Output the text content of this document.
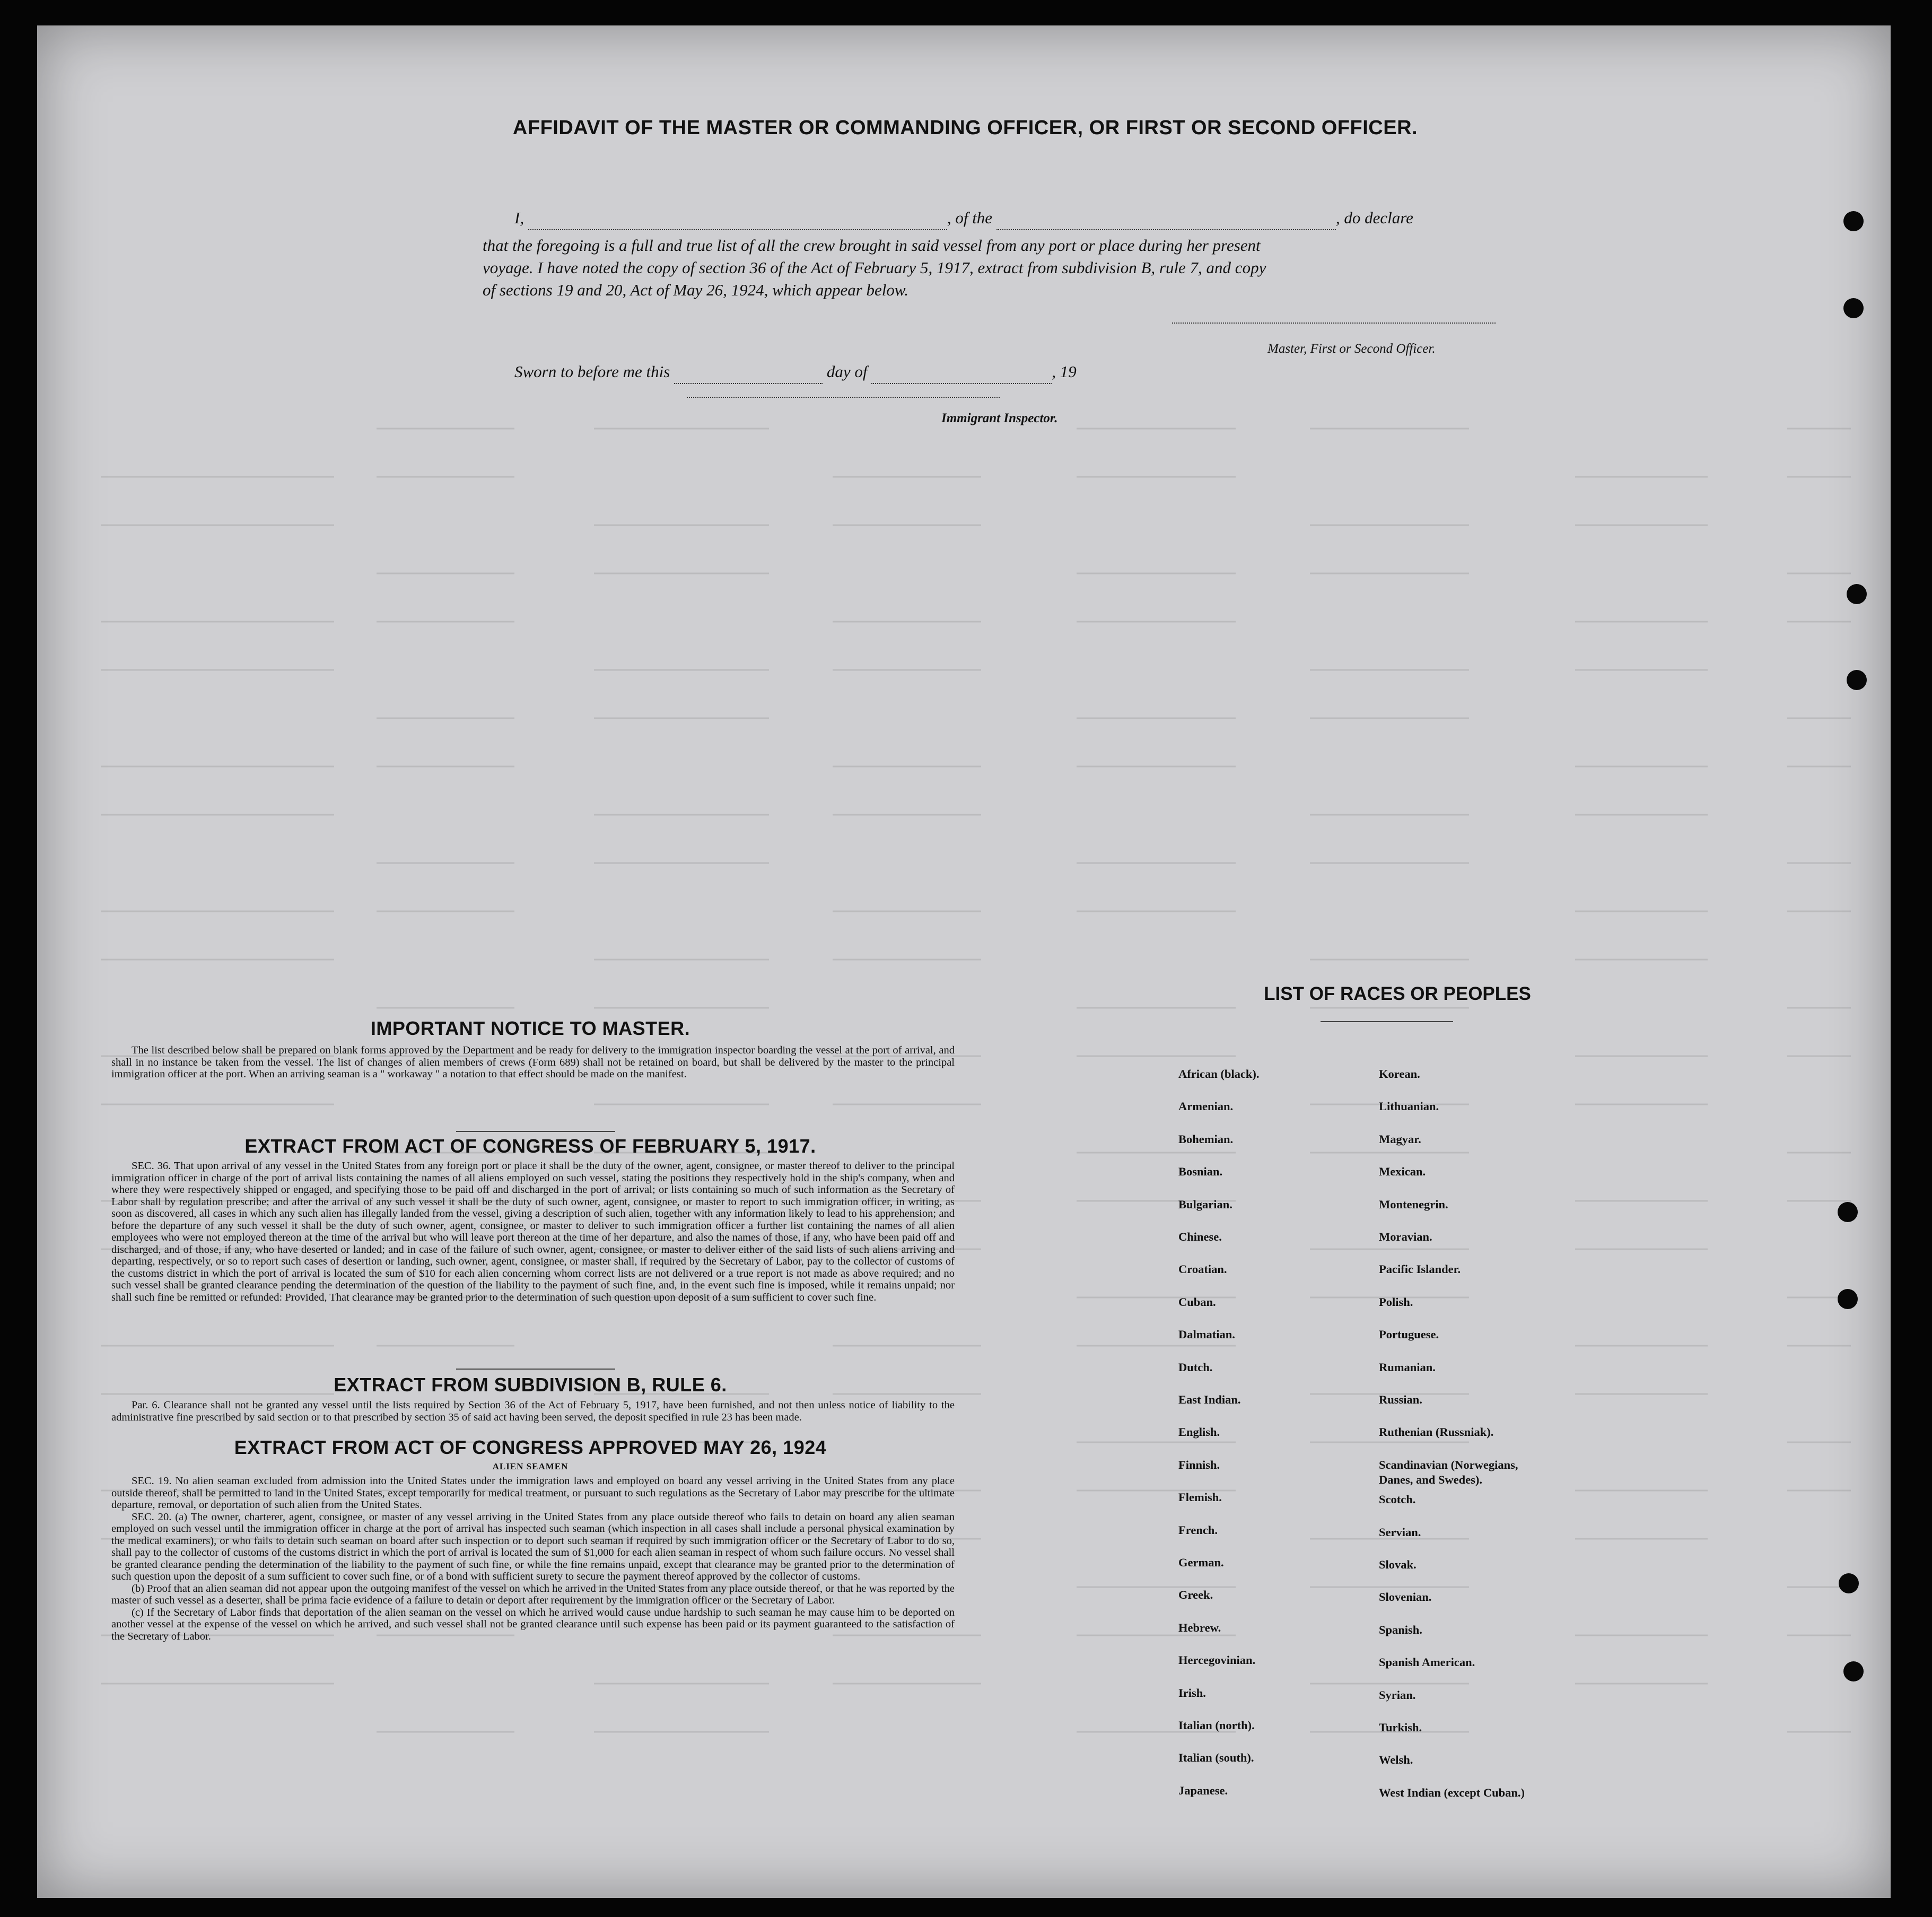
AFFIDAVIT OF THE MASTER OR COMMANDING OFFICER, OR FIRST OR SECOND OFFICER.
I,	, of the	, do declare
that the foregoing is a full and true list of all the crew brought in said vessel from any port or place during her present
voyage. I have noted the copy of section 36 of the Act of February 5, 1917, extract from subdivision B, rule 7, and copy
of sections 19 and 20, Act of May 26, 1924, which appear below.
Master, First or Second Officer.
Sworn to before me this	day of	, 19
Immigrant Inspector.
IMPORTANT NOTICE TO MASTER.

The list described below shall be prepared on blank forms approved by the Department and be ready for delivery to the immigration inspector boarding the vessel at the port of arrival, and shall in no instance be taken from the vessel. The list of changes of alien members of crews (Form 689) shall not be retained on board, but shall be delivered by the master to the principal immigration officer at the port. When an arriving seaman is a " workaway " a notation to that effect should be made on the manifest.

EXTRACT FROM ACT OF CONGRESS OF FEBRUARY 5, 1917.

SEC. 36. That upon arrival of any vessel in the United States from any foreign port or place it shall be the duty of the owner, agent, consignee, or master thereof to deliver to the principal immigration officer in charge of the port of arrival lists containing the names of all aliens employed on such vessel, stating the positions they respectively hold in the ship's company, when and where they were respectively shipped or engaged, and specifying those to be paid off and discharged in the port of arrival; or lists containing so much of such information as the Secretary of Labor shall by regulation prescribe; and after the arrival of any such vessel it shall be the duty of such owner, agent, consignee, or master to report to such immigration officer, in writing, as soon as discovered, all cases in which any such alien has illegally landed from the vessel, giving a description of such alien, together with any information likely to lead to his apprehension; and before the departure of any such vessel it shall be the duty of such owner, agent, consignee, or master to deliver to such immigration officer a further list containing the names of all alien employees who were not employed thereon at the time of the arrival but who will leave port thereon at the time of her departure, and also the names of those, if any, who have been paid off and discharged, and of those, if any, who have deserted or landed; and in case of the failure of such owner, agent, consignee, or master to deliver either of the said lists of such aliens arriving and departing, respectively, or so to report such cases of desertion or landing, such owner, agent, consignee, or master shall, if required by the Secretary of Labor, pay to the collector of customs of the customs district in which the port of arrival is located the sum of $10 for each alien concerning whom correct lists are not delivered or a true report is not made as above required; and no such vessel shall be granted clearance pending the determination of the question of the liability to the payment of such fine, and, in the event such fine is imposed, while it remains unpaid; nor shall such fine be remitted or refunded: Provided, That clearance may be granted prior to the determination of such question upon deposit of a sum sufficient to cover such fine.

EXTRACT FROM SUBDIVISION B, RULE 6.

Par. 6. Clearance shall not be granted any vessel until the lists required by Section 36 of the Act of February 5, 1917, have been furnished, and not then unless notice of liability to the administrative fine prescribed by said section or to that prescribed by section 35 of said act having been served, the deposit specified in rule 23 has been made.

EXTRACT FROM ACT OF CONGRESS APPROVED MAY 26, 1924
ALIEN SEAMEN

SEC. 19. No alien seaman excluded from admission into the United States under the immigration laws and employed on board any vessel arriving in the United States from any place outside thereof, shall be permitted to land in the United States, except temporarily for medical treatment, or pursuant to such regulations as the Secretary of Labor may prescribe for the ultimate departure, removal, or deportation of such alien from the United States.

SEC. 20. (a) The owner, charterer, agent, consignee, or master of any vessel arriving in the United States from any place outside thereof who fails to detain on board any alien seaman employed on such vessel until the immigration officer in charge at the port of arrival has inspected such seaman (which inspection in all cases shall include a personal physical examination by the medical examiners), or who fails to detain such seaman on board after such inspection or to deport such seaman if required by such immigration officer or the Secretary of Labor to do so, shall pay to the collector of customs of the customs district in which the port of arrival is located the sum of $1,000 for each alien seaman in respect of whom such failure occurs. No vessel shall be granted clearance pending the determination of the liability to the payment of such fine, or while the fine remains unpaid, except that clearance may be granted prior to the determination of such question upon the deposit of a sum sufficient to cover such fine, or of a bond with sufficient surety to secure the payment thereof approved by the collector of customs.

(b) Proof that an alien seaman did not appear upon the outgoing manifest of the vessel on which he arrived in the United States from any place outside thereof, or that he was reported by the master of such vessel as a deserter, shall be prima facie evidence of a failure to detain or deport after requirement by the immigration officer or the Secretary of Labor.

(c) If the Secretary of Labor finds that deportation of the alien seaman on the vessel on which he arrived would cause undue hardship to such seaman he may cause him to be deported on another vessel at the expense of the vessel on which he arrived, and such vessel shall not be granted clearance until such expense has been paid or its payment guaranteed to the satisfaction of the Secretary of Labor.

LIST OF RACES OR PEOPLES
African (black).
Armenian.
Bohemian.
Bosnian.
Bulgarian.
Chinese.
Croatian.
Cuban.
Dalmatian.
Dutch.
East Indian.
English.
Finnish.
Flemish.
French.
German.
Greek.
Hebrew.
Hercegovinian.
Irish.
Italian (north).
Italian (south).
Japanese.
Korean.
Lithuanian.
Magyar.
Mexican.
Montenegrin.
Moravian.
Pacific Islander.
Polish.
Portuguese.
Rumanian.
Russian.
Ruthenian (Russniak).
Scandinavian (Norwegians, Danes, and Swedes).
Scotch.
Servian.
Slovak.
Slovenian.
Spanish.
Spanish American.
Syrian.
Turkish.
Welsh.
West Indian (except Cuban.)
